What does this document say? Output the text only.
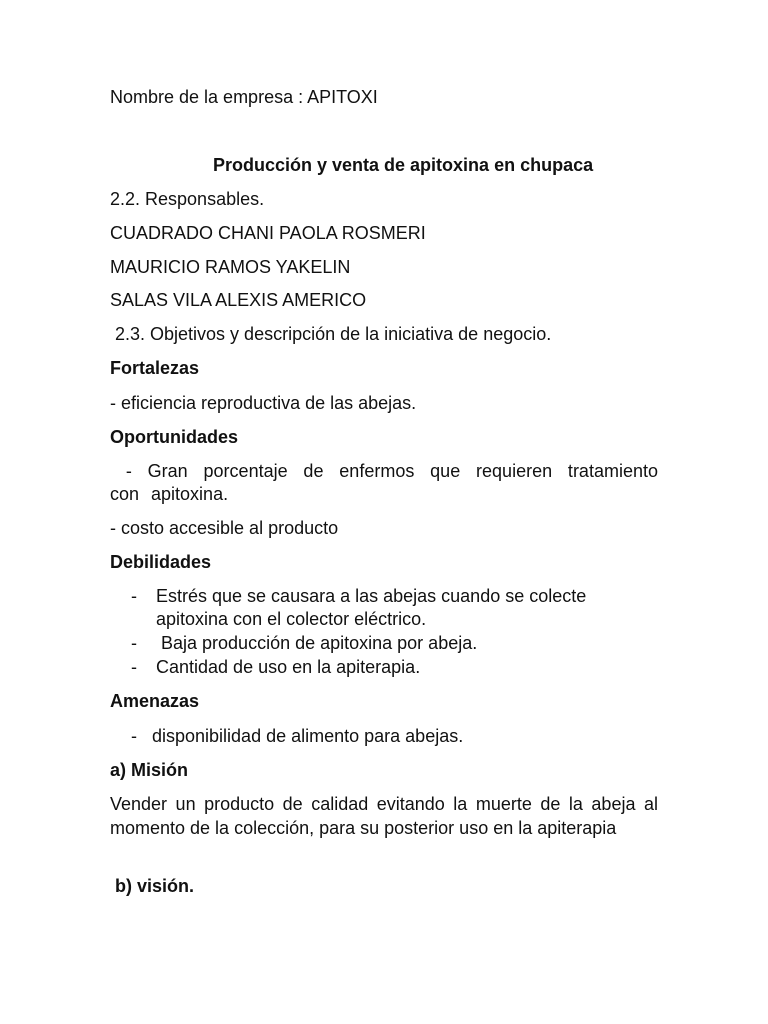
Nombre de la empresa : APITOXI
Producción y venta de apitoxina en chupaca
2.2. Responsables.
CUADRADO CHANI PAOLA ROSMERI
MAURICIO RAMOS YAKELIN
SALAS VILA ALEXIS AMERICO
2.3. Objetivos y descripción de la iniciativa de negocio.
Fortalezas
- eficiencia reproductiva de las abejas.
Oportunidades
- Gran porcentaje de enfermos que requieren tratamiento con apitoxina.
- costo accesible al producto
Debilidades
- Estrés que se causara a las abejas cuando se colecte apitoxina con el colector eléctrico.
- Baja producción de apitoxina por abeja.
- Cantidad de uso en la apiterapia.
Amenazas
- disponibilidad de alimento para abejas.
a) Misión
Vender un producto de calidad evitando la muerte de la abeja al momento de la colección, para su posterior uso en la apiterapia
b) visión.
